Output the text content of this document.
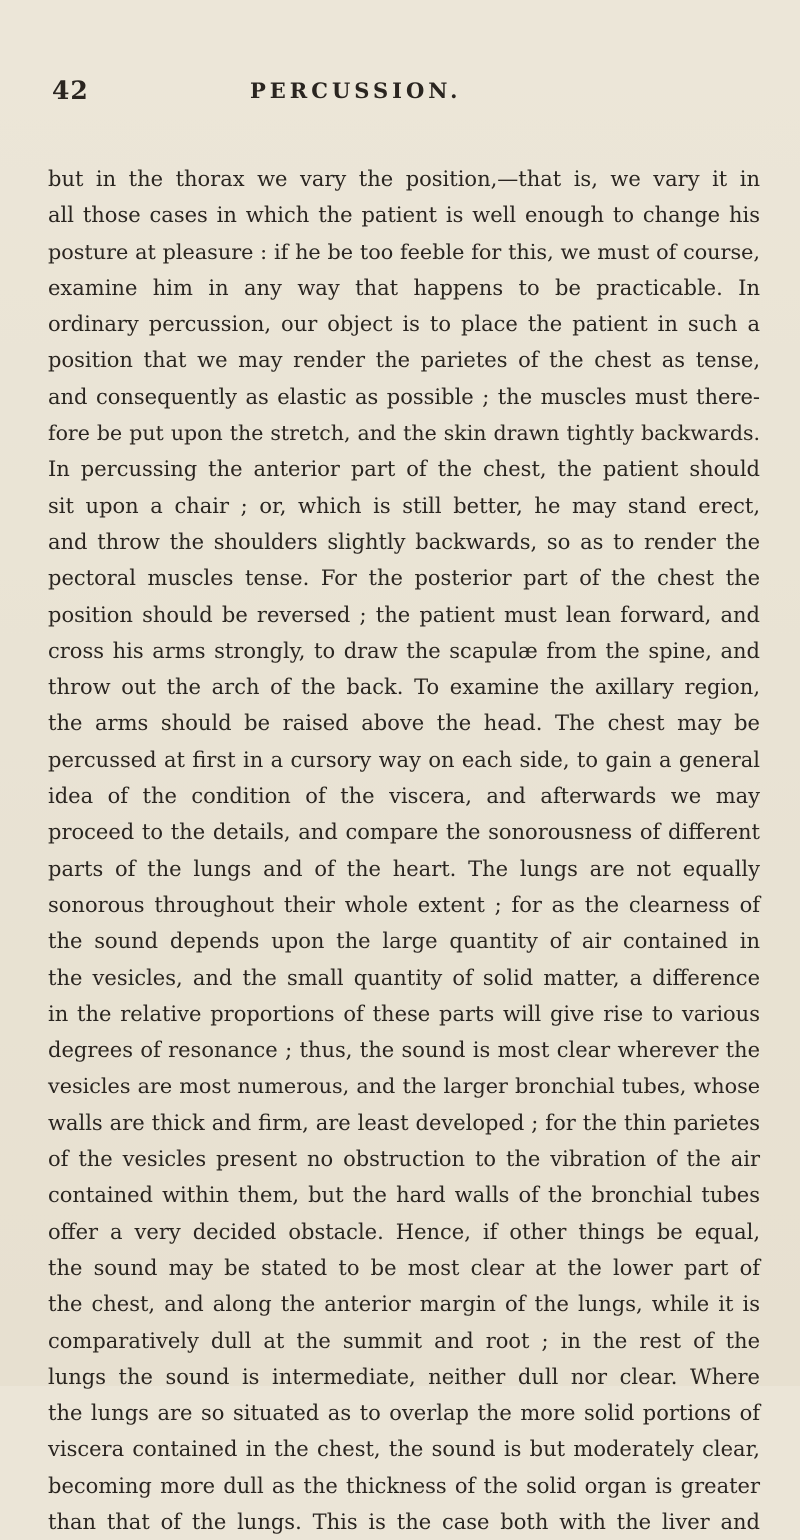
42	PERCUSSION.
but in the thorax we vary the position,—that is, we vary it in
all those cases in which the patient is well enough to change his
posture at pleasure : if he be too feeble for this, we must of course,
examine him in any way that happens to be practicable. In
ordinary percussion, our object is to place the patient in such a
position that we may render the parietes of the chest as tense,
and consequently as elastic as possible ; the muscles must there-
fore be put upon the stretch, and the skin drawn tightly backwards.
In percussing the anterior part of the chest, the patient should
sit upon a chair ; or, which is still better, he may stand erect,
and throw the shoulders slightly backwards, so as to render the
pectoral muscles tense. For the posterior part of the chest the
position should be reversed ; the patient must lean forward, and
cross his arms strongly, to draw the scapulæ from the spine, and
throw out the arch of the back. To examine the axillary region,
the arms should be raised above the head. The chest may be
percussed at first in a cursory way on each side, to gain a general
idea of the condition of the viscera, and afterwards we may
proceed to the details, and compare the sonorousness of different
parts of the lungs and of the heart. The lungs are not equally
sonorous throughout their whole extent ; for as the clearness of
the sound depends upon the large quantity of air contained in
the vesicles, and the small quantity of solid matter, a difference
in the relative proportions of these parts will give rise to various
degrees of resonance ; thus, the sound is most clear wherever the
vesicles are most numerous, and the larger bronchial tubes, whose
walls are thick and firm, are least developed ; for the thin parietes
of the vesicles present no obstruction to the vibration of the air
contained within them, but the hard walls of the bronchial tubes
offer a very decided obstacle. Hence, if other things be equal,
the sound may be stated to be most clear at the lower part of
the chest, and along the anterior margin of the lungs, while it is
comparatively dull at the summit and root ; in the rest of the
lungs the sound is intermediate, neither dull nor clear. Where
the lungs are so situated as to overlap the more solid portions of
viscera contained in the chest, the sound is but moderately clear,
becoming more dull as the thickness of the solid organ is greater
than that of the lungs. This is the case both with the liver and
